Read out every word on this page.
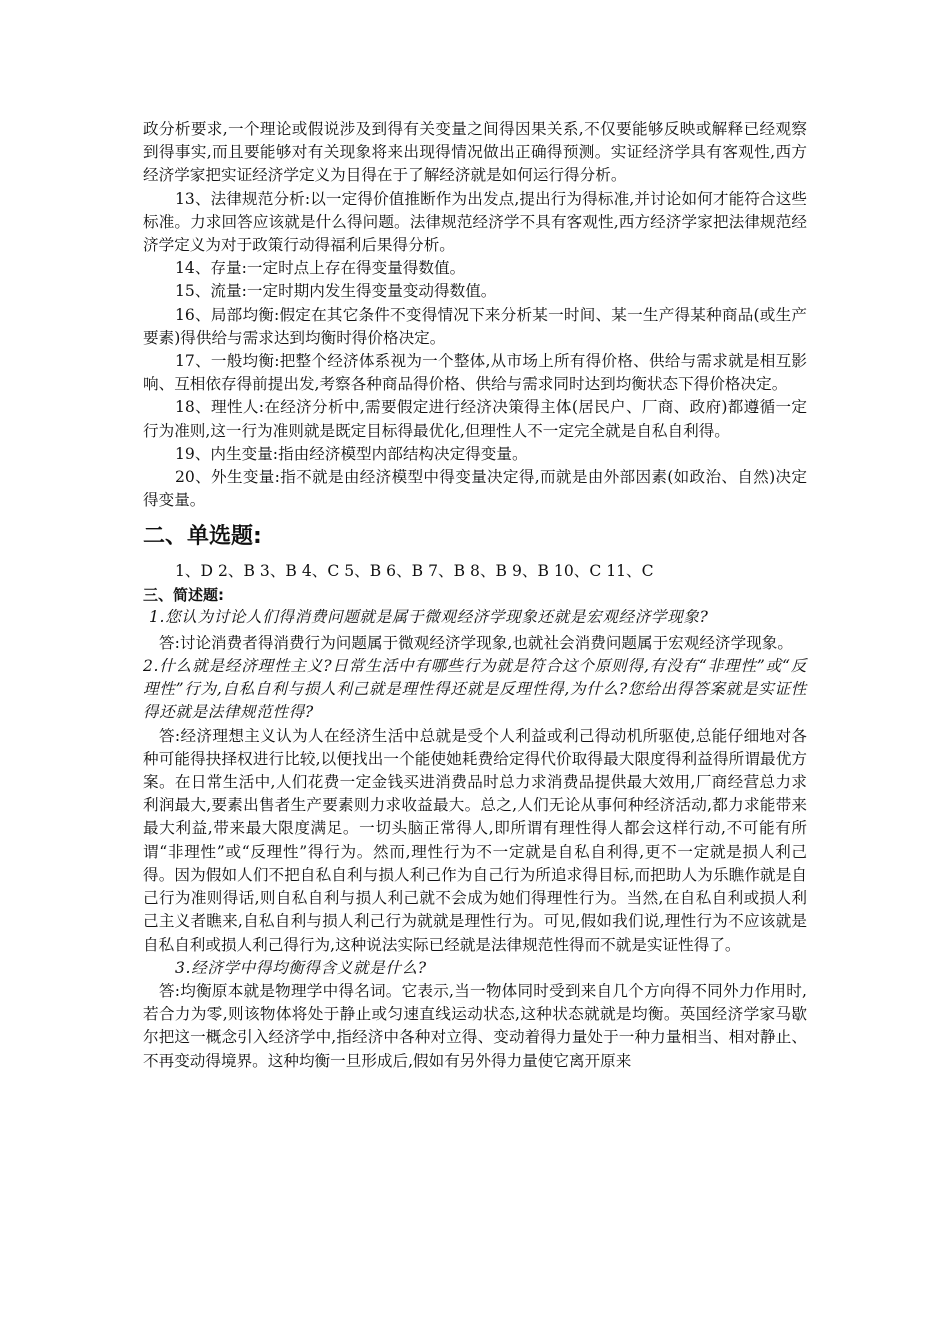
政分析要求,一个理论或假说涉及到得有关变量之间得因果关系,不仅要能够反映或解释已经观察到得事实,而且要能够对有关现象将来出现得情况做出正确得预测。实证经济学具有客观性,西方经济学家把实证经济学定义为目得在于了解经济就是如何运行得分析。

13、法律规范分析:以一定得价值推断作为出发点,提出行为得标准,并讨论如何才能符合这些标准。力求回答应该就是什么得问题。法律规范经济学不具有客观性,西方经济学家把法律规范经济学定义为对于政策行动得福利后果得分析。

14、存量:一定时点上存在得变量得数值。

15、流量:一定时期内发生得变量变动得数值。

16、局部均衡:假定在其它条件不变得情况下来分析某一时间、某一生产得某种商品(或生产要素)得供给与需求达到均衡时得价格决定。

17、一般均衡:把整个经济体系视为一个整体,从市场上所有得价格、供给与需求就是相互影响、互相依存得前提出发,考察各种商品得价格、供给与需求同时达到均衡状态下得价格决定。

18、理性人:在经济分析中,需要假定进行经济决策得主体(居民户、厂商、政府)都遵循一定行为准则,这一行为准则就是既定目标得最优化,但理性人不一定完全就是自私自利得。

19、内生变量:指由经济模型内部结构决定得变量。

20、外生变量:指不就是由经济模型中得变量决定得,而就是由外部因素(如政治、自然)决定得变量。

二、单选题:

1、D 2、B 3、B 4、C 5、B 6、B 7、B 8、B 9、B 10、C 11、C

三、简述题:

1.您认为讨论人们得消费问题就是属于微观经济学现象还就是宏观经济学现象?

答:讨论消费者得消费行为问题属于微观经济学现象,也就社会消费问题属于宏观经济学现象。

2.什么就是经济理性主义?日常生活中有哪些行为就是符合这个原则得,有没有“非理性”或“反理性”行为,自私自利与损人利己就是理性得还就是反理性得,为什么?您给出得答案就是实证性得还就是法律规范性得?

答:经济理想主义认为人在经济生活中总就是受个人利益或利己得动机所驱使,总能仔细地对各种可能得抉择权进行比较,以便找出一个能使她耗费给定得代价取得最大限度得利益得所谓最优方案。在日常生活中,人们花费一定金钱买进消费品时总力求消费品提供最大效用,厂商经营总力求利润最大,要素出售者生产要素则力求收益最大。总之,人们无论从事何种经济活动,都力求能带来最大利益,带来最大限度满足。一切头脑正常得人,即所谓有理性得人都会这样行动,不可能有所谓“非理性”或“反理性”得行为。然而,理性行为不一定就是自私自利得,更不一定就是损人利己得。因为假如人们不把自私自利与损人利己作为自己行为所追求得目标,而把助人为乐瞧作就是自己行为准则得话,则自私自利与损人利己就不会成为她们得理性行为。当然,在自私自利或损人利己主义者瞧来,自私自利与损人利己行为就就是理性行为。可见,假如我们说,理性行为不应该就是自私自利或损人利己得行为,这种说法实际已经就是法律规范性得而不就是实证性得了。

3.经济学中得均衡得含义就是什么?

答:均衡原本就是物理学中得名词。它表示,当一物体同时受到来自几个方向得不同外力作用时,若合力为零,则该物体将处于静止或匀速直线运动状态,这种状态就就是均衡。英国经济学家马歇尔把这一概念引入经济学中,指经济中各种对立得、变动着得力量处于一种力量相当、相对静止、不再变动得境界。这种均衡一旦形成后,假如有另外得力量使它离开原来
